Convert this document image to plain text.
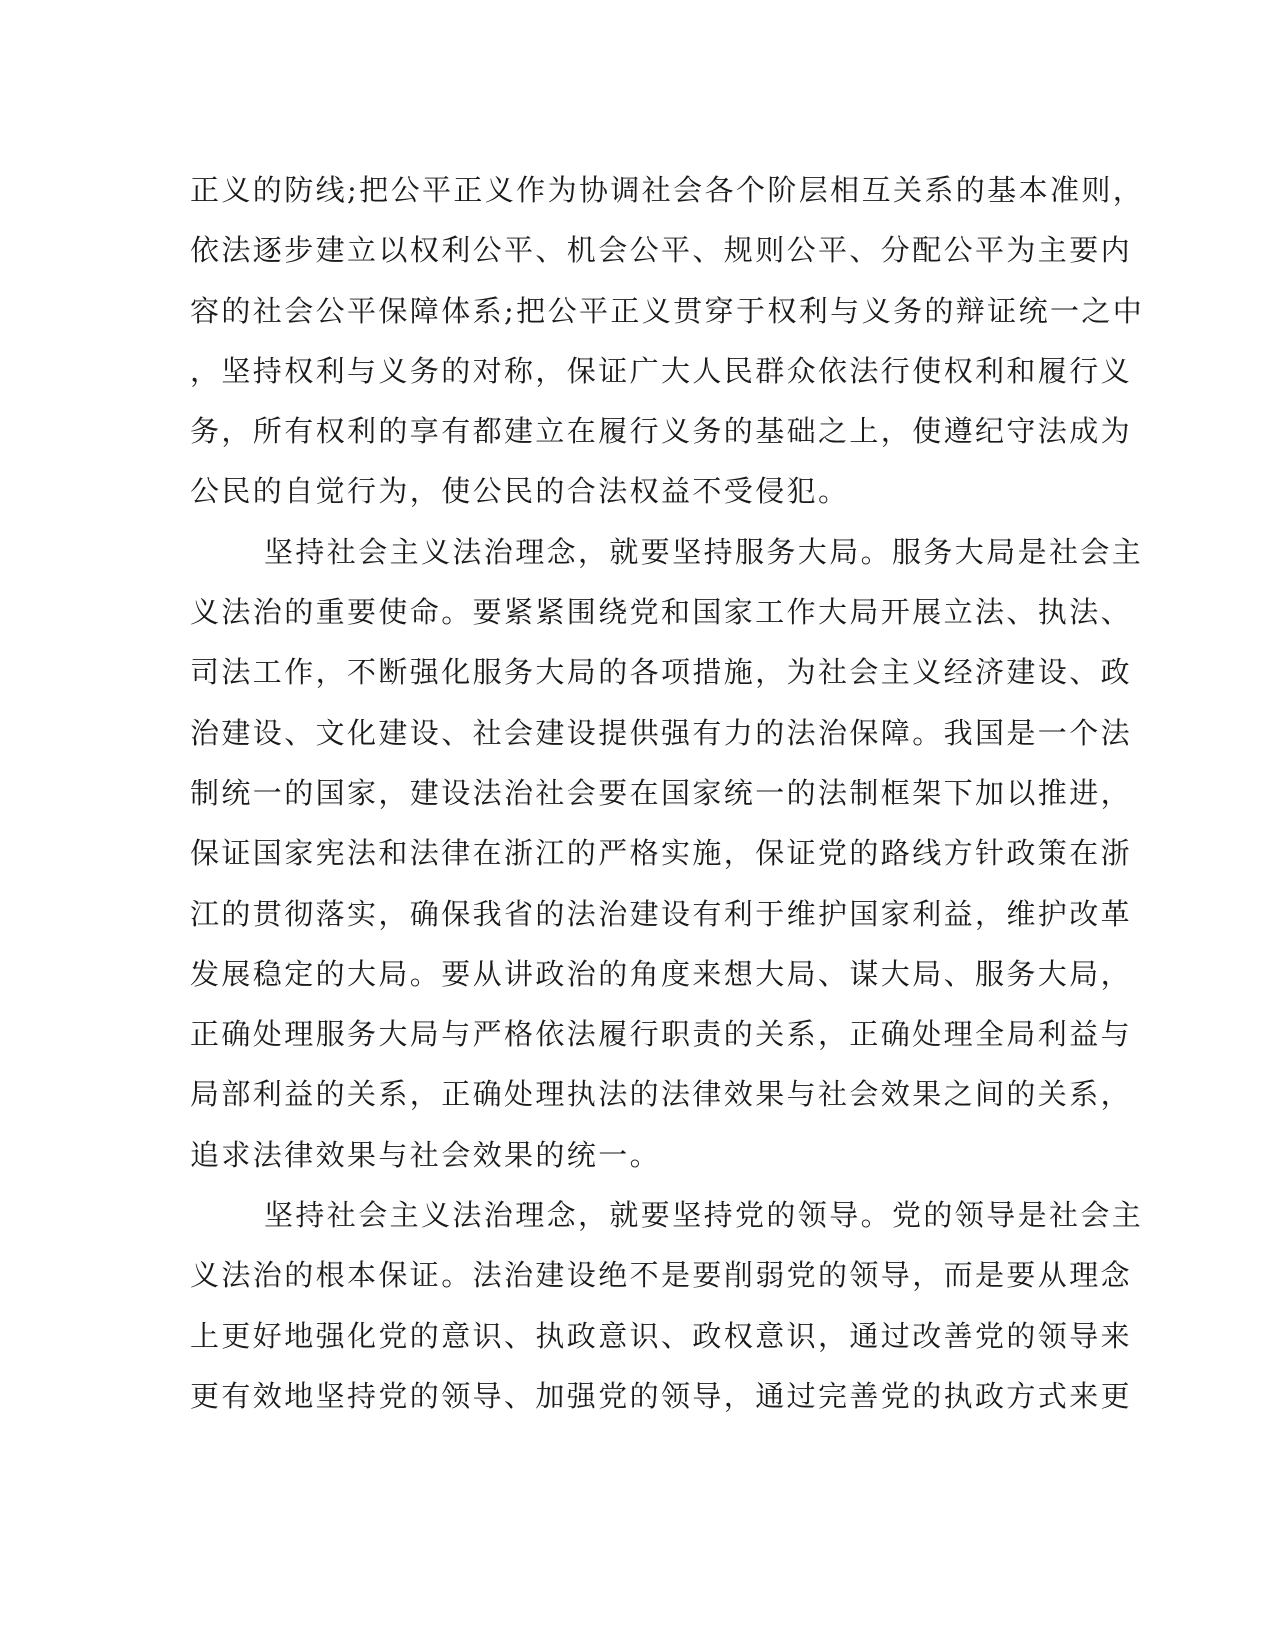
正义的防线;把公平正义作为协调社会各个阶层相互关系的基本准则，
依法逐步建立以权利公平、机会公平、规则公平、分配公平为主要内
容的社会公平保障体系;把公平正义贯穿于权利与义务的辩证统一之中
，坚持权利与义务的对称，保证广大人民群众依法行使权利和履行义
务，所有权利的享有都建立在履行义务的基础之上，使遵纪守法成为
公民的自觉行为，使公民的合法权益不受侵犯。
坚持社会主义法治理念，就要坚持服务大局。服务大局是社会主
义法治的重要使命。要紧紧围绕党和国家工作大局开展立法、执法、
司法工作，不断强化服务大局的各项措施，为社会主义经济建设、政
治建设、文化建设、社会建设提供强有力的法治保障。我国是一个法
制统一的国家，建设法治社会要在国家统一的法制框架下加以推进，
保证国家宪法和法律在浙江的严格实施，保证党的路线方针政策在浙
江的贯彻落实，确保我省的法治建设有利于维护国家利益，维护改革
发展稳定的大局。要从讲政治的角度来想大局、谋大局、服务大局，
正确处理服务大局与严格依法履行职责的关系，正确处理全局利益与
局部利益的关系，正确处理执法的法律效果与社会效果之间的关系，
追求法律效果与社会效果的统一。
坚持社会主义法治理念，就要坚持党的领导。党的领导是社会主
义法治的根本保证。法治建设绝不是要削弱党的领导，而是要从理念
上更好地强化党的意识、执政意识、政权意识，通过改善党的领导来
更有效地坚持党的领导、加强党的领导，通过完善党的执政方式来更
